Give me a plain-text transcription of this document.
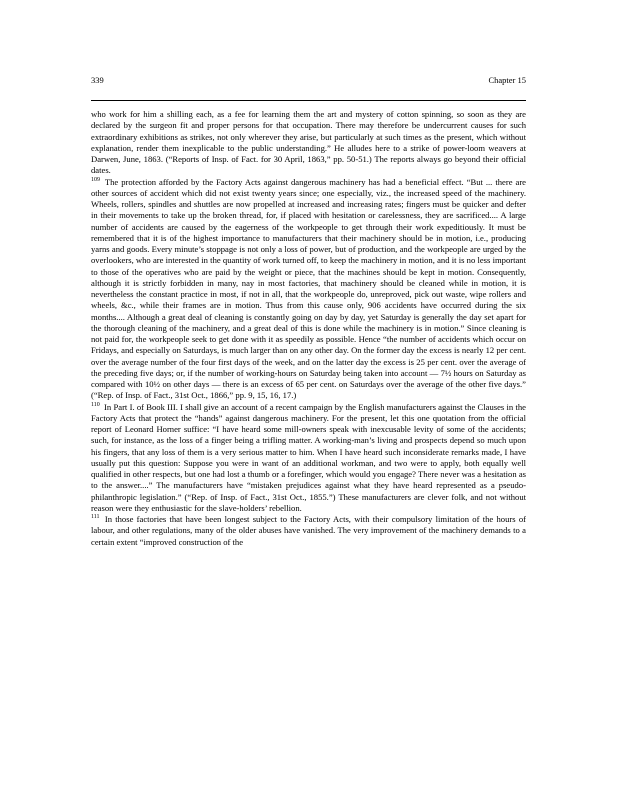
339	Chapter 15

who work for him a shilling each, as a fee for learning them the art and mystery of cotton spinning, so soon as they are declared by the surgeon fit and proper persons for that occupation. There may therefore be undercurrent causes for such extraordinary exhibitions as strikes, not only wherever they arise, but particularly at such times as the present, which without explanation, render them inexplicable to the public understanding.” He alludes here to a strike of power-loom weavers at Darwen, June, 1863. (“Reports of Insp. of Fact. for 30 April, 1863,” pp. 50-51.) The reports always go beyond their official dates.

$^{109}$ The protection afforded by the Factory Acts against dangerous machinery has had a beneficial effect. “But ... there are other sources of accident which did not exist twenty years since; one especially, viz., the increased speed of the machinery. Wheels, rollers, spindles and shuttles are now propelled at increased and increasing rates; fingers must be quicker and defter in their movements to take up the broken thread, for, if placed with hesitation or carelessness, they are sacrificed.... A large number of accidents are caused by the eagerness of the workpeople to get through their work expeditiously. It must be remembered that it is of the highest importance to manufacturers that their machinery should be in motion, i.e., producing yarns and goods. Every minute’s stoppage is not only a loss of power, but of production, and the workpeople are urged by the overlookers, who are interested in the quantity of work turned off, to keep the machinery in motion, and it is no less important to those of the operatives who are paid by the weight or piece, that the machines should be kept in motion. Consequently, although it is strictly forbidden in many, nay in most factories, that machinery should be cleaned while in motion, it is nevertheless the constant practice in most, if not in all, that the workpeople do, unreproved, pick out waste, wipe rollers and wheels, &c., while their frames are in motion. Thus from this cause only, 906 accidents have occurred during the six months.... Although a great deal of cleaning is constantly going on day by day, yet Saturday is generally the day set apart for the thorough cleaning of the machinery, and a great deal of this is done while the machinery is in motion.” Since cleaning is not paid for, the workpeople seek to get done with it as speedily as possible. Hence “the number of accidents which occur on Fridays, and especially on Saturdays, is much larger than on any other day. On the former day the excess is nearly 12 per cent. over the average number of the four first days of the week, and on the latter day the excess is 25 per cent. over the average of the preceding five days; or, if the number of working-hours on Saturday being taken into account — 7½ hours on Saturday as compared with 10½ on other days — there is an excess of 65 per cent. on Saturdays over the average of the other five days.” (“Rep. of Insp. of Fact., 31st Oct., 1866,” pp. 9, 15, 16, 17.)

$^{110}$ In Part I. of Book III. I shall give an account of a recent campaign by the English manufacturers against the Clauses in the Factory Acts that protect the “hands” against dangerous machinery. For the present, let this one quotation from the official report of Leonard Horner suffice: “I have heard some mill-owners speak with inexcusable levity of some of the accidents; such, for instance, as the loss of a finger being a trifling matter. A working-man’s living and prospects depend so much upon his fingers, that any loss of them is a very serious matter to him. When I have heard such inconsiderate remarks made, I have usually put this question: Suppose you were in want of an additional workman, and two were to apply, both equally well qualified in other respects, but one had lost a thumb or a forefinger, which would you engage? There never was a hesitation as to the answer....” The manufacturers have “mistaken prejudices against what they have heard represented as a pseudo-philanthropic legislation.” (“Rep. of Insp. of Fact., 31st Oct., 1855.”) These manufacturers are clever folk, and not without reason were they enthusiastic for the slave-holders’ rebellion.

$^{111}$ In those factories that have been longest subject to the Factory Acts, with their compulsory limitation of the hours of labour, and other regulations, many of the older abuses have vanished. The very improvement of the machinery demands to a certain extent “improved construction of the
